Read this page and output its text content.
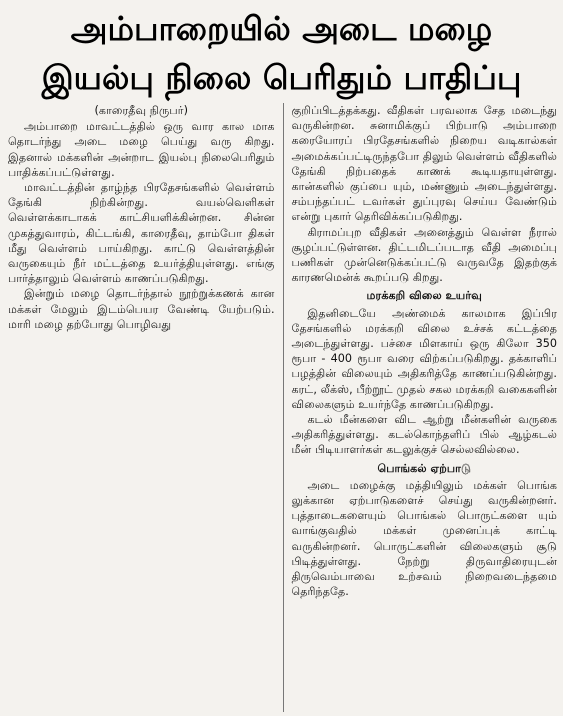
அம்பாறையில் அடை மழை
இயல்பு நிலை பெரிதும் பாதிப்பு

(காரைதீவு நிருபர்)

அம்பாறை மாவட்டத்தில் ஒரு வார கால மாக தொடர்ந்து அடை மழை பெய்து வரு கிறது. இதனால் மக்களின் அன்றாட இயல்பு நிலைபெரிதும் பாதிக்கப்பட்டுள்ளது.

மாவட்டத்தின் தாழ்ந்த பிரதேசங்களில் வெள்ளம் தேங்கி நிற்கின்றது. வயல்வெளிகள் வெள்ளக்காடாகக் காட்சியளிக்கின்றன. சின்ன முகத்துவாரம், கிட்டங்கி, காரைதீவு, தாம்போ திகள் மீது வெள்ளம் பாய்கிறது. காட்டு வெள்ளத்தின் வருகையும் நீர் மட்டத்தை உயர்த்தியுள்ளது. எங்கு பார்த்தாலும் வெள்ளம் காணப்படுகிறது.

இன்றும் மழை தொடர்ந்தால் நூற்றுக்கணக் கான மக்கள் மேலும் இடம்பெயர வேண்டி யேற்படும். மாரி மழை தற்போது பொழிவது

குறிப்பிடத்தக்கது. வீதிகள் பரவலாக சேத மடைந்து வருகின்றன. சுனாமிக்குப் பிற்பாடு அம்பாறை கரையோரப் பிரதேசங்களில் நிறைய வடிகால்கள் அமைக்கப்பட்டிருந்தபோ திலும் வெள்ளம் வீதிகளில் தேங்கி நிற்பதைக் காணக் கூடியதாயுள்ளது. கான்களில் குப்பை யும், மண்ணும் அடைந்துள்ளது. சம்பந்தப்பட் டவர்கள் துப்புரவு செய்ய வேண்டும் என்று புகார் தெரிவிக்கப்படுகிறது.

கிராமப்புற வீதிகள் அனைத்தும் வெள்ள நீரால் சூழப்பட்டுள்ளன. திட்டமிடப்படாத வீதி அமைப்பு பணிகள் முன்னெடுக்கப்பட்டு வருவதே இதற்குக் காரணமென்க் கூறப்படு கிறது.

மரக்கறி விலை உயர்வு

இதனிடையே அண்மைக் காலமாக இப்பிர தேசங்களில் மரக்கறி விலை உச்சக் கட்டத்தை அடைந்துள்ளது. பச்சை மிளகாய் ஒரு கிலோ 350 ரூபா - 400 ரூபா வரை விற்கப்படுகிறது. தக்காளிப் பழத்தின் விலையும் அதிகரித்தே காணப்படுகின்றது. கரட், லீக்ஸ், பீற்றூட் முதல் சகல மரக்கறி வகைகளின் விலைகளும் உயர்ந்தே காணப்படுகிறது.

கடல் மீன்களை விட ஆற்று மீன்களின் வருகை அதிகரித்துள்ளது. கடல்கொந்தளிப் பில் ஆழ்கடல் மீன் பிடியாளர்கள் கடலுக்குச் செல்லவில்லை.

பொங்கல் ஏற்பாடு

அடை மழைக்கு மத்தியிலும் மக்கள் பொங்க லுக்கான ஏற்பாடுகளைச் செய்து வருகின்றனர். புத்தாடைகளையும் பொங்கல் பொருட்களை யும் வாங்குவதில் மக்கள் முனைப்புக் காட்டி வருகின்றனர். பொருட்களின் விலைகளும் சூடு பிடித்துள்ளது. நேற்று திருவாதிரையுடன் திருவெம்பாவை உற்சவம் நிறைவடைந்தமை தெரிந்ததே.
